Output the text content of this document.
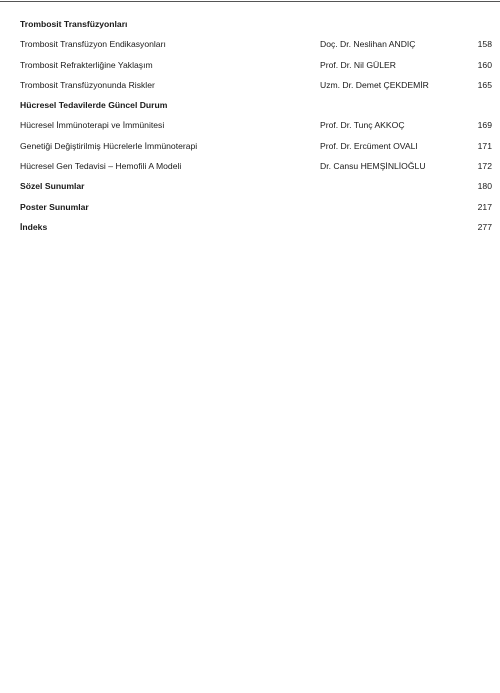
Trombosit Transfüzyonları
Trombosit Transfüzyon Endikasyonları	Doç. Dr. Neslihan ANDIÇ	158
Trombosit Refrakterliğine Yaklaşım	Prof. Dr. Nil GÜLER	160
Trombosit Transfüzyonunda Riskler	Uzm. Dr. Demet ÇEKDEMİR	165
Hücresel Tedavilerde Güncel Durum
Hücresel İmmünoterapi ve İmmünitesi	Prof. Dr. Tunç AKKOÇ	169
Genetiği Değiştirilmiş Hücrelerle İmmünoterapi	Prof. Dr. Ercüment OVALI	171
Hücresel Gen Tedavisi – Hemofili A Modeli	Dr. Cansu HEMŞİNLİOĞLU	172
Sözel Sunumlar	180
Poster Sunumlar	217
İndeks	277
